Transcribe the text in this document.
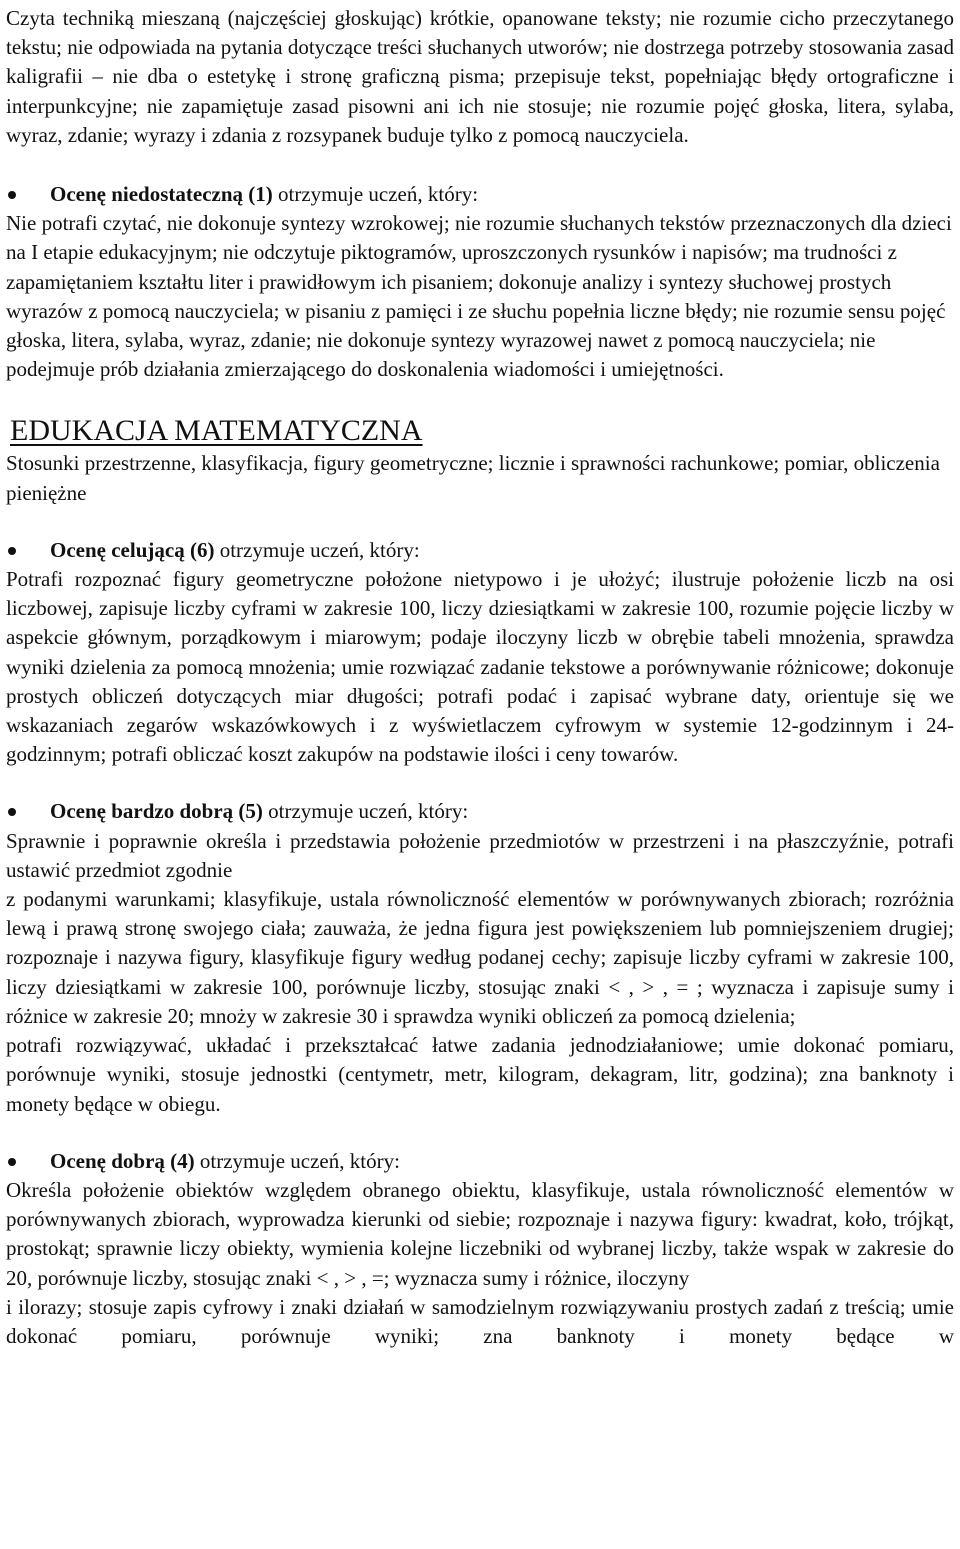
Czyta techniką mieszaną (najczęściej głoskując) krótkie, opanowane teksty; nie rozumie cicho przeczytanego tekstu; nie odpowiada na pytania dotyczące treści słuchanych utworów; nie dostrzega potrzeby stosowania zasad kaligrafii – nie dba o estetykę i stronę graficzną pisma; przepisuje tekst, popełniając błędy ortograficzne i interpunkcyjne; nie zapamiętuje zasad pisowni ani ich nie stosuje; nie rozumie pojęć głoska, litera, sylaba, wyraz, zdanie; wyrazy i zdania z rozsypanek buduje tylko z pomocą nauczyciela.

Ocenę niedostateczną (1) otrzymuje uczeń, który:

Nie potrafi czytać, nie dokonuje syntezy wzrokowej; nie rozumie słuchanych tekstów przeznaczonych dla dzieci na I etapie edukacyjnym; nie odczytuje piktogramów, uproszczonych rysunków i napisów; ma trudności z zapamiętaniem kształtu liter i prawidłowym ich pisaniem; dokonuje analizy i syntezy słuchowej prostych wyrazów z pomocą nauczyciela; w pisaniu z pamięci i ze słuchu popełnia liczne błędy; nie rozumie sensu pojęć głoska, litera, sylaba, wyraz, zdanie; nie dokonuje syntezy wyrazowej nawet z pomocą nauczyciela; nie podejmuje prób działania zmierzającego do doskonalenia wiadomości i umiejętności.

EDUKACJA MATEMATYCZNA

Stosunki przestrzenne, klasyfikacja, figury geometryczne; licznie i sprawności rachunkowe; pomiar, obliczenia pieniężne

Ocenę celującą (6) otrzymuje uczeń, który:

Potrafi rozpoznać figury geometryczne położone nietypowo i je ułożyć; ilustruje położenie liczb na osi liczbowej, zapisuje liczby cyframi w zakresie 100, liczy dziesiątkami w zakresie 100, rozumie pojęcie liczby w aspekcie głównym, porządkowym i miarowym; podaje iloczyny liczb w obrębie tabeli mnożenia, sprawdza wyniki dzielenia za pomocą mnożenia; umie rozwiązać zadanie tekstowe a porównywanie różnicowe; dokonuje prostych obliczeń dotyczących miar długości; potrafi podać i zapisać wybrane daty, orientuje się we wskazaniach zegarów wskazówkowych i z wyświetlaczem cyfrowym w systemie 12-godzinnym i 24-godzinnym; potrafi obliczać koszt zakupów na podstawie ilości i ceny towarów.

Ocenę bardzo dobrą (5) otrzymuje uczeń, który:

Sprawnie i poprawnie określa i przedstawia położenie przedmiotów w przestrzeni i na płaszczyźnie, potrafi ustawić przedmiot zgodnie

z podanymi warunkami; klasyfikuje, ustala równoliczność elementów w porównywanych zbiorach; rozróżnia lewą i prawą stronę swojego ciała; zauważa, że jedna figura jest powiększeniem lub pomniejszeniem drugiej; rozpoznaje i nazywa figury, klasyfikuje figury według podanej cechy; zapisuje liczby cyframi w zakresie 100, liczy dziesiątkami w zakresie 100, porównuje liczby, stosując znaki < , > , = ; wyznacza i zapisuje sumy i różnice w zakresie 20; mnoży w zakresie 30 i sprawdza wyniki obliczeń za pomocą dzielenia;

potrafi rozwiązywać, układać i przekształcać łatwe zadania jednodziałaniowe; umie dokonać pomiaru, porównuje wyniki, stosuje jednostki (centymetr, metr, kilogram, dekagram, litr, godzina); zna banknoty i monety będące w obiegu.

Ocenę dobrą (4) otrzymuje uczeń, który:

Określa położenie obiektów względem obranego obiektu, klasyfikuje, ustala równoliczność elementów w porównywanych zbiorach, wyprowadza kierunki od siebie; rozpoznaje i nazywa figury: kwadrat, koło, trójkąt, prostokąt; sprawnie liczy obiekty, wymienia kolejne liczebniki od wybranej liczby, także wspak w zakresie do 20, porównuje liczby, stosując znaki < , > , =; wyznacza sumy i różnice, iloczyny

i ilorazy; stosuje zapis cyfrowy i znaki działań w samodzielnym rozwiązywaniu prostych zadań z treścią; umie dokonać pomiaru, porównuje wyniki; zna banknoty i monety będące w
